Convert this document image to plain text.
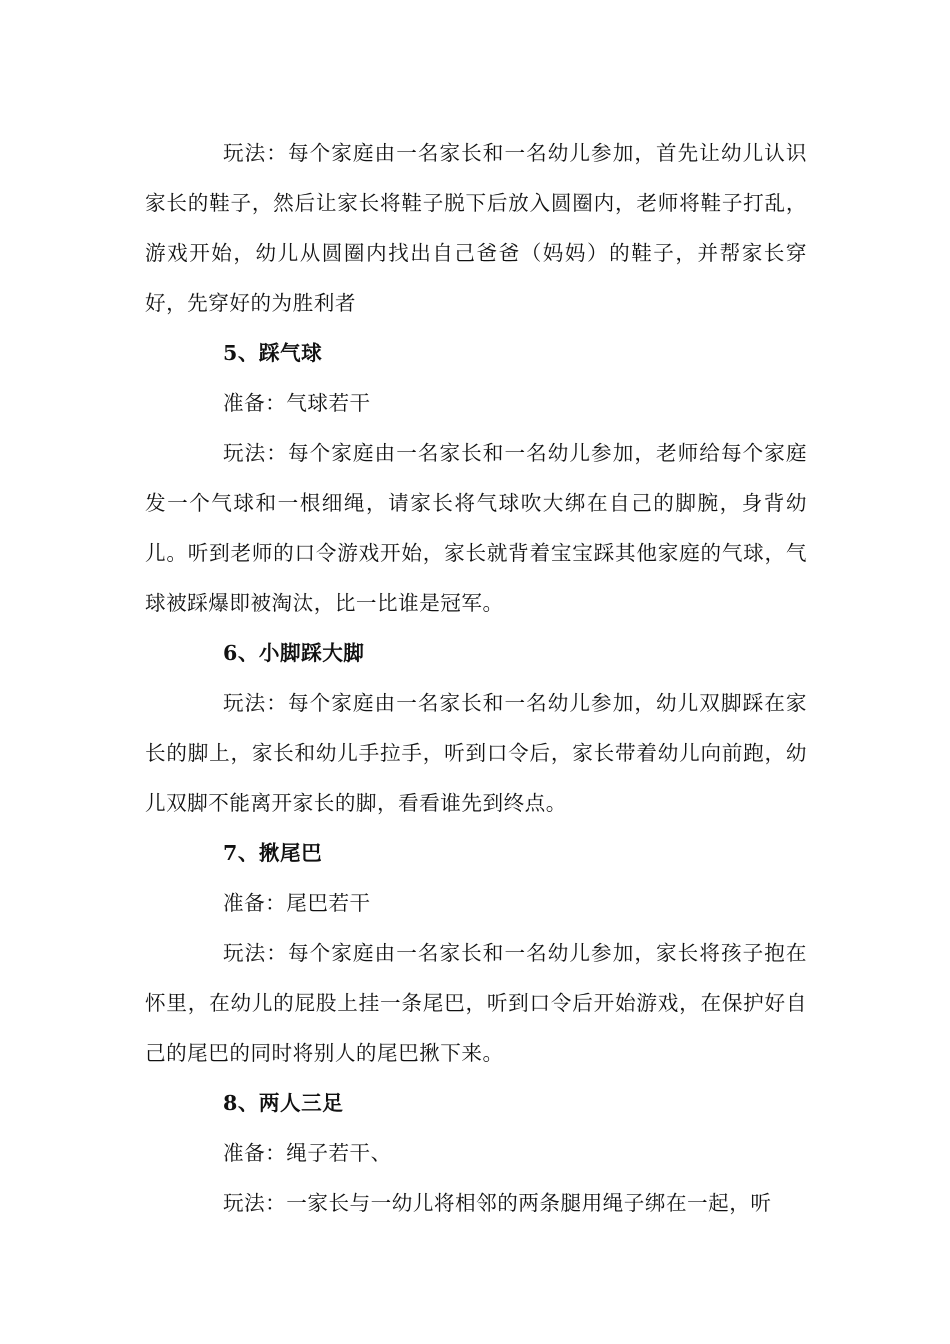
玩法：每个家庭由一名家长和一名幼儿参加，首先让幼儿认识家长的鞋子，然后让家长将鞋子脱下后放入圆圈内，老师将鞋子打乱，游戏开始，幼儿从圆圈内找出自己爸爸（妈妈）的鞋子，并帮家长穿好，先穿好的为胜利者

5、踩气球

准备：气球若干

玩法：每个家庭由一名家长和一名幼儿参加，老师给每个家庭发一个气球和一根细绳，请家长将气球吹大绑在自己的脚腕，身背幼儿。听到老师的口令游戏开始，家长就背着宝宝踩其他家庭的气球，气球被踩爆即被淘汰，比一比谁是冠军。

6、小脚踩大脚

玩法：每个家庭由一名家长和一名幼儿参加，幼儿双脚踩在家长的脚上，家长和幼儿手拉手，听到口令后，家长带着幼儿向前跑，幼儿双脚不能离开家长的脚，看看谁先到终点。

7、揪尾巴

准备：尾巴若干

玩法：每个家庭由一名家长和一名幼儿参加，家长将孩子抱在怀里，在幼儿的屁股上挂一条尾巴，听到口令后开始游戏，在保护好自己的尾巴的同时将别人的尾巴揪下来。

8、两人三足

准备：绳子若干、

玩法：一家长与一幼儿将相邻的两条腿用绳子绑在一起，听
